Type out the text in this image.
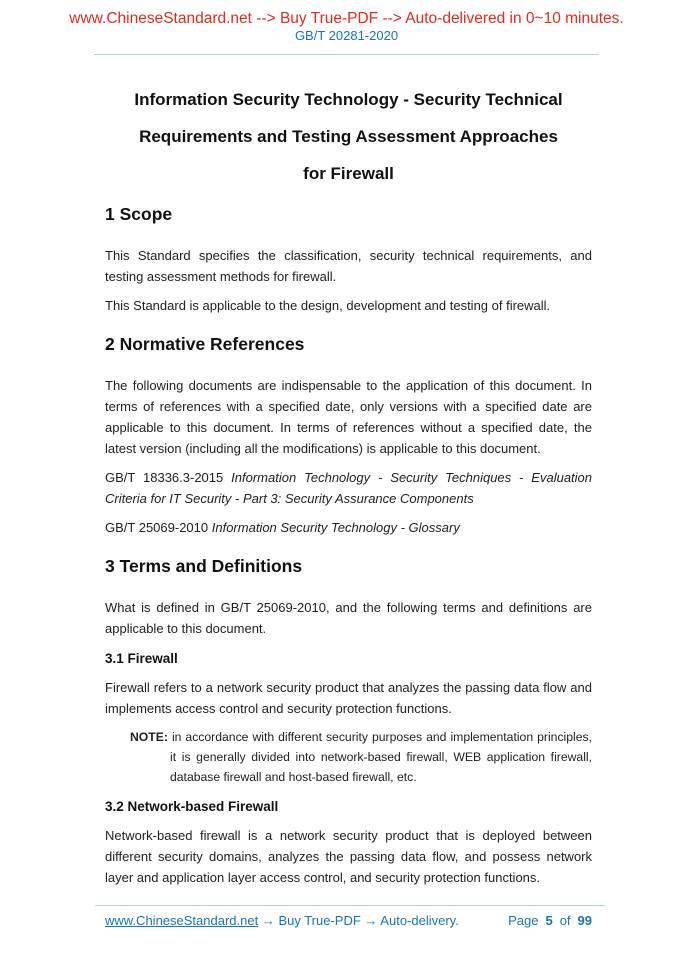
www.ChineseStandard.net --> Buy True-PDF --> Auto-delivered in 0~10 minutes.
GB/T 20281-2020
Information Security Technology - Security Technical
Requirements and Testing Assessment Approaches
for Firewall
1 Scope

This Standard specifies the classification, security technical requirements, and testing assessment methods for firewall.

This Standard is applicable to the design, development and testing of firewall.

2 Normative References

The following documents are indispensable to the application of this document. In terms of references with a specified date, only versions with a specified date are applicable to this document. In terms of references without a specified date, the latest version (including all the modifications) is applicable to this document.

GB/T 18336.3-2015 Information Technology - Security Techniques - Evaluation Criteria for IT Security - Part 3: Security Assurance Components

GB/T 25069-2010 Information Security Technology - Glossary

3 Terms and Definitions

What is defined in GB/T 25069-2010, and the following terms and definitions are applicable to this document.

3.1 Firewall

Firewall refers to a network security product that analyzes the passing data flow and implements access control and security protection functions.

NOTE: in accordance with different security purposes and implementation principles, it is generally divided into network-based firewall, WEB application firewall, database firewall and host-based firewall, etc.

3.2 Network-based Firewall

Network-based firewall is a network security product that is deployed between different security domains, analyzes the passing data flow, and possess network layer and application layer access control, and security protection functions.

www.ChineseStandard.net → Buy True-PDF → Auto-delivery.	Page 5 of 99
